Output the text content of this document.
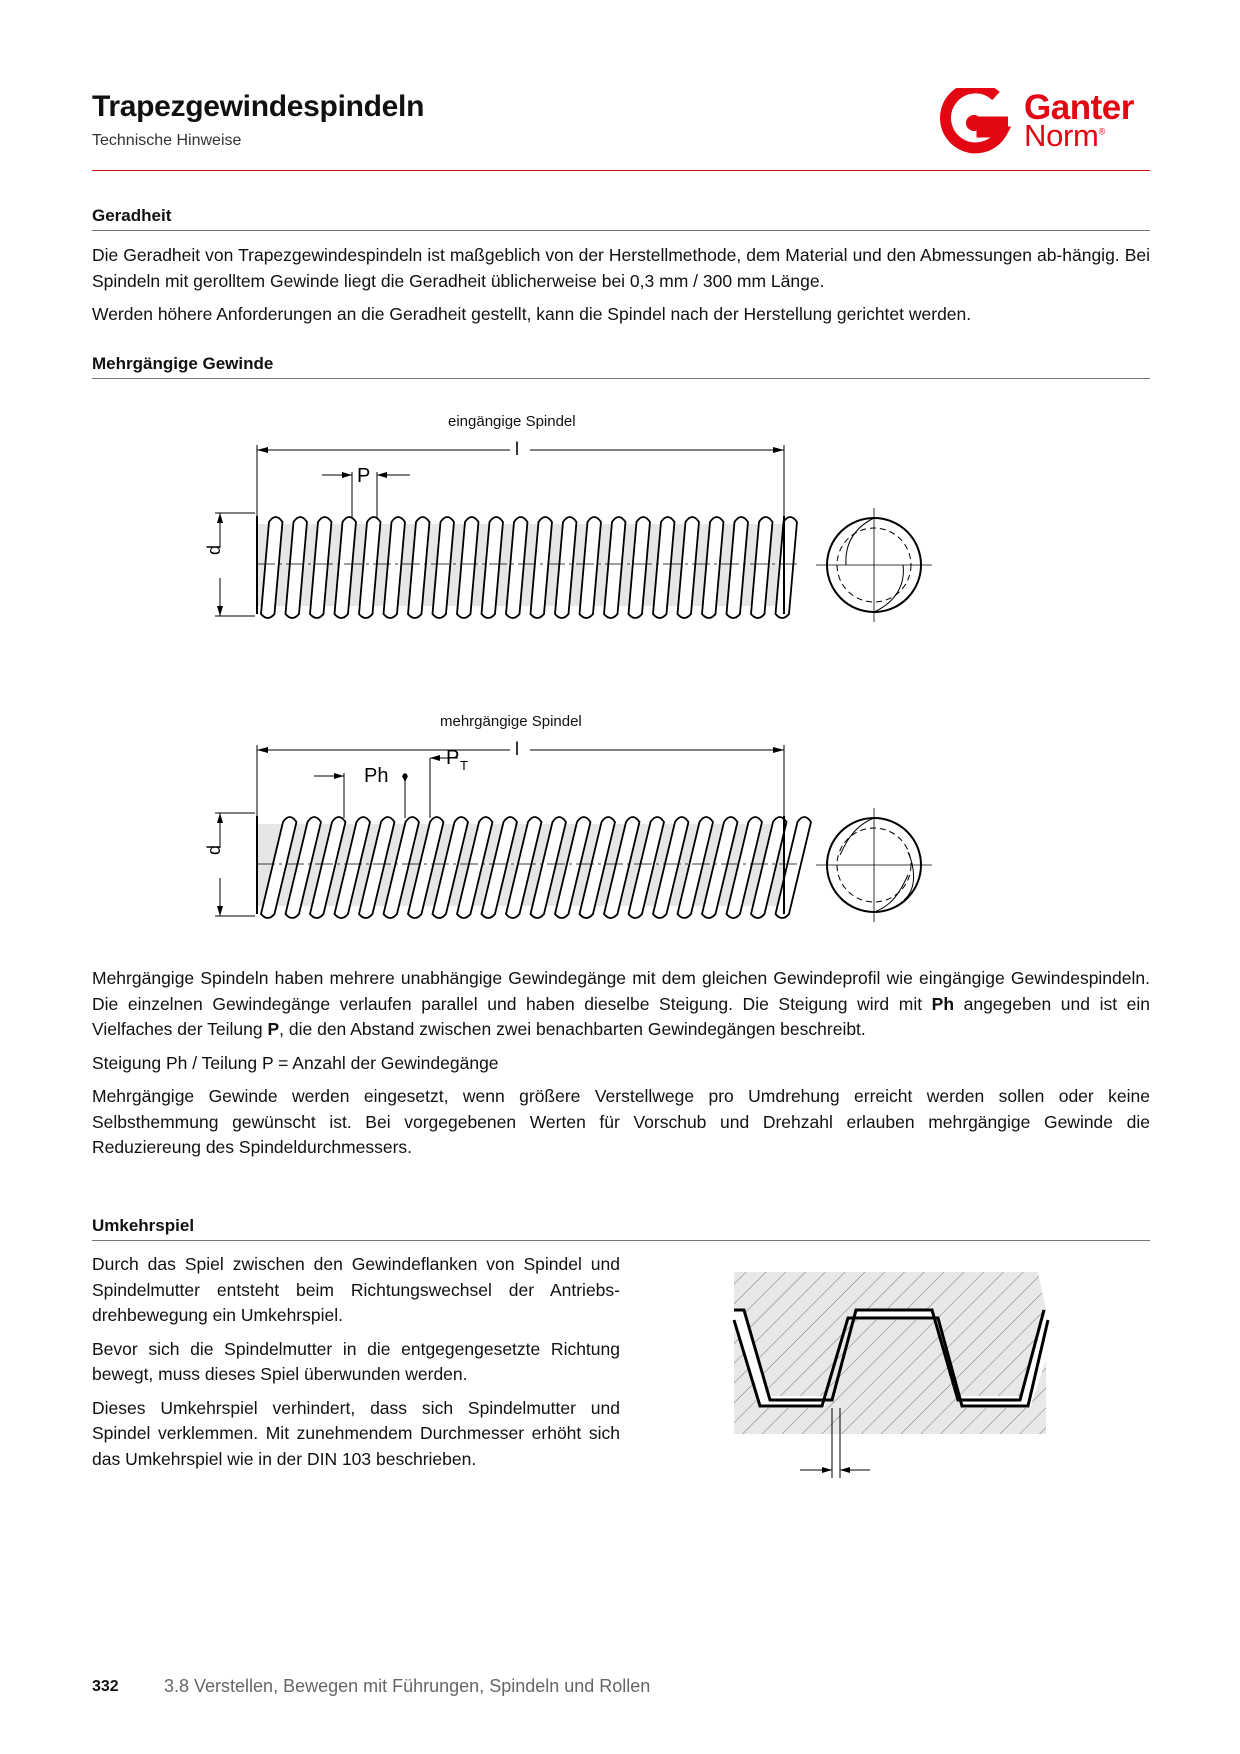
Trapezgewindespindeln
Technische Hinweise
Ganter
Norm®
Geradheit

Die Geradheit von Trapezgewindespindeln ist maßgeblich von der Herstellmethode, dem Material und den Abmessungen ab-hängig. Bei Spindeln mit gerolltem Gewinde liegt die Geradheit üblicherweise bei 0,3 mm / 300 mm Länge.

Werden höhere Anforderungen an die Geradheit gestellt, kann die Spindel nach der Herstellung gerichtet werden.

Mehrgängige Gewinde
eingängige Spindel
l
P
d
mehrgängige Spindel
l
Ph
P T
d

Mehrgängige Spindeln haben mehrere unabhängige Gewindegänge mit dem gleichen Gewindeprofil wie eingängige Gewindespindeln. Die einzelnen Gewindegänge verlaufen parallel und haben dieselbe Steigung. Die Steigung wird mit Ph angegeben und ist ein Vielfaches der Teilung P, die den Abstand zwischen zwei benachbarten Gewindegängen beschreibt.

Steigung Ph / Teilung P = Anzahl der Gewindegänge

Mehrgängige Gewinde werden eingesetzt, wenn größere Verstellwege pro Umdrehung erreicht werden sollen oder keine Selbsthemmung gewünscht ist. Bei vorgegebenen Werten für Vorschub und Drehzahl erlauben mehrgängige Gewinde die Reduziereung des Spindeldurchmessers.

Umkehrspiel

Durch das Spiel zwischen den Gewindeflanken von Spindel und Spindelmutter entsteht beim Richtungswechsel der Antriebs-drehbewegung ein Umkehrspiel.

Bevor sich die Spindelmutter in die entgegengesetzte Richtung bewegt, muss dieses Spiel überwunden werden.

Dieses Umkehrspiel verhindert, dass sich Spindelmutter und Spindel verklemmen. Mit zunehmendem Durchmesser erhöht sich das Umkehrspiel wie in der DIN 103 beschrieben.

332	3.8 Verstellen, Bewegen mit Führungen, Spindeln und Rollen
